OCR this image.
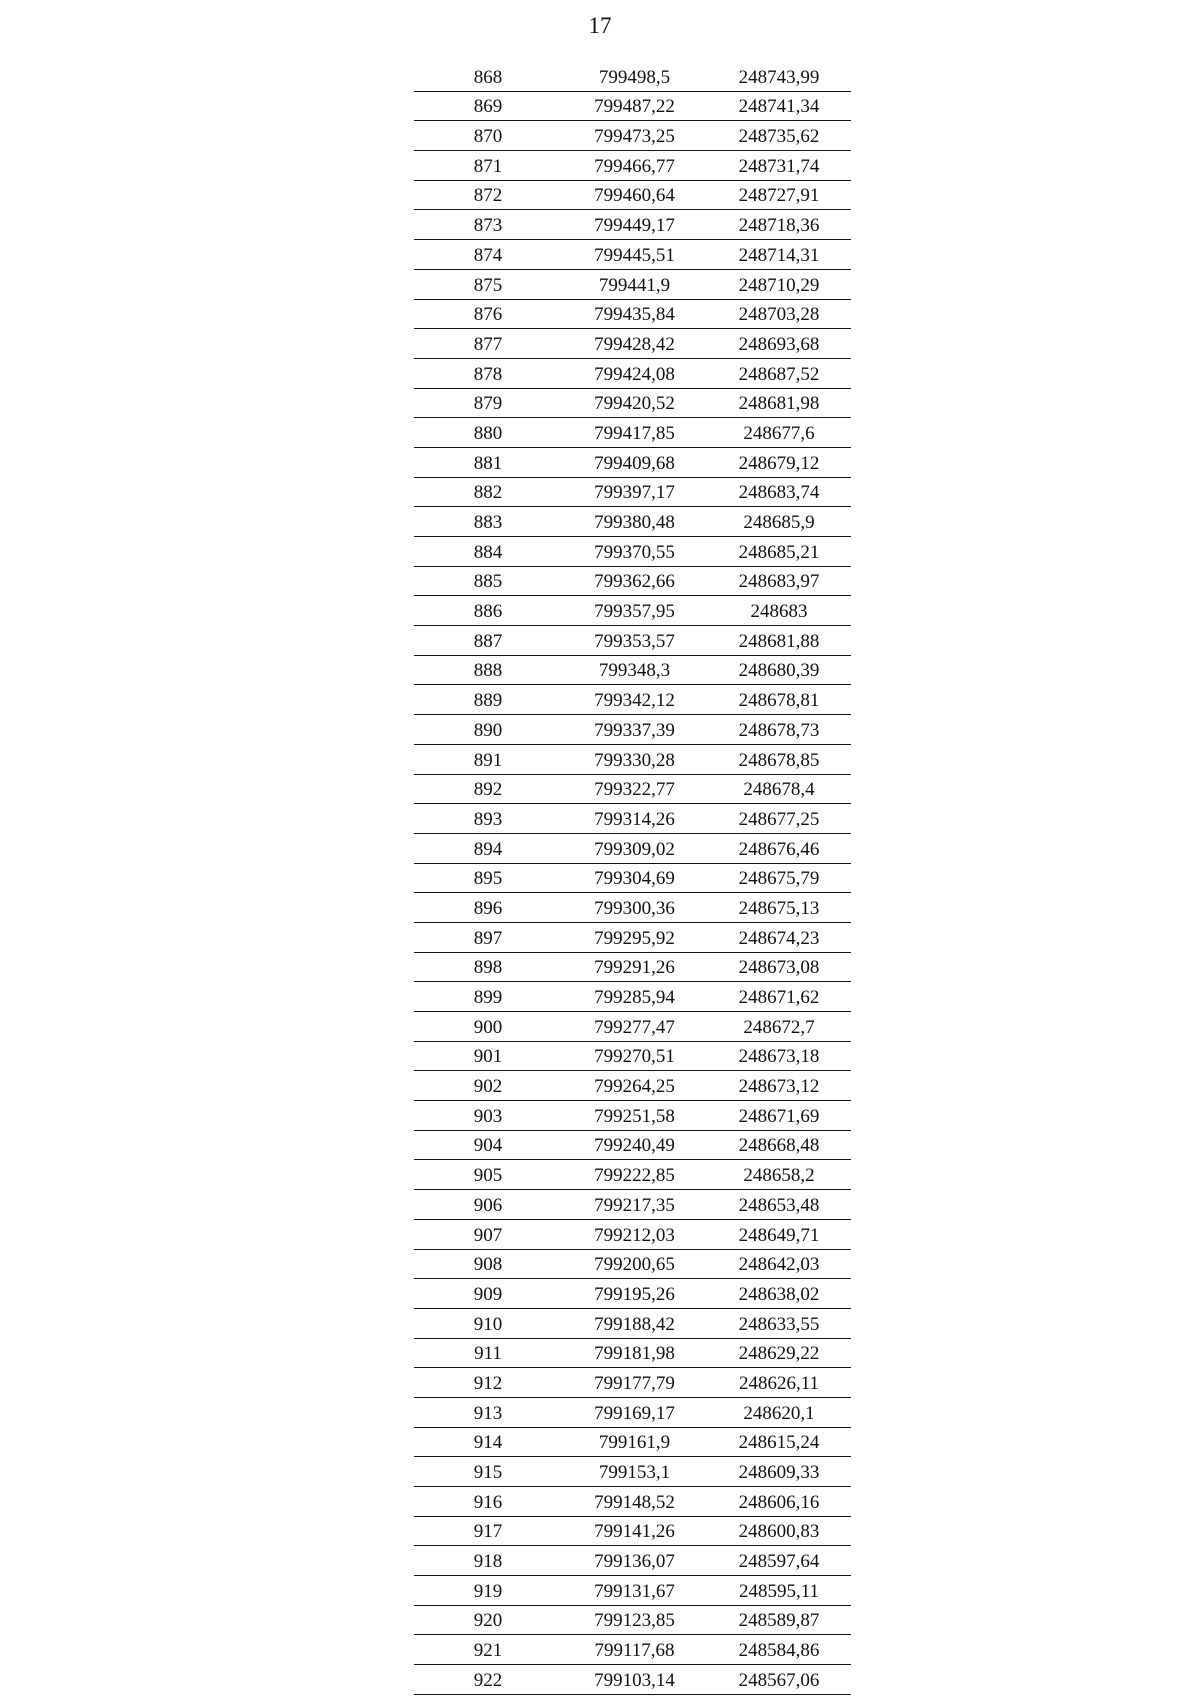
17
868	799498,5	248743,99
869	799487,22	248741,34
870	799473,25	248735,62
871	799466,77	248731,74
872	799460,64	248727,91
873	799449,17	248718,36
874	799445,51	248714,31
875	799441,9	248710,29
876	799435,84	248703,28
877	799428,42	248693,68
878	799424,08	248687,52
879	799420,52	248681,98
880	799417,85	248677,6
881	799409,68	248679,12
882	799397,17	248683,74
883	799380,48	248685,9
884	799370,55	248685,21
885	799362,66	248683,97
886	799357,95	248683
887	799353,57	248681,88
888	799348,3	248680,39
889	799342,12	248678,81
890	799337,39	248678,73
891	799330,28	248678,85
892	799322,77	248678,4
893	799314,26	248677,25
894	799309,02	248676,46
895	799304,69	248675,79
896	799300,36	248675,13
897	799295,92	248674,23
898	799291,26	248673,08
899	799285,94	248671,62
900	799277,47	248672,7
901	799270,51	248673,18
902	799264,25	248673,12
903	799251,58	248671,69
904	799240,49	248668,48
905	799222,85	248658,2
906	799217,35	248653,48
907	799212,03	248649,71
908	799200,65	248642,03
909	799195,26	248638,02
910	799188,42	248633,55
911	799181,98	248629,22
912	799177,79	248626,11
913	799169,17	248620,1
914	799161,9	248615,24
915	799153,1	248609,33
916	799148,52	248606,16
917	799141,26	248600,83
918	799136,07	248597,64
919	799131,67	248595,11
920	799123,85	248589,87
921	799117,68	248584,86
922	799103,14	248567,06
